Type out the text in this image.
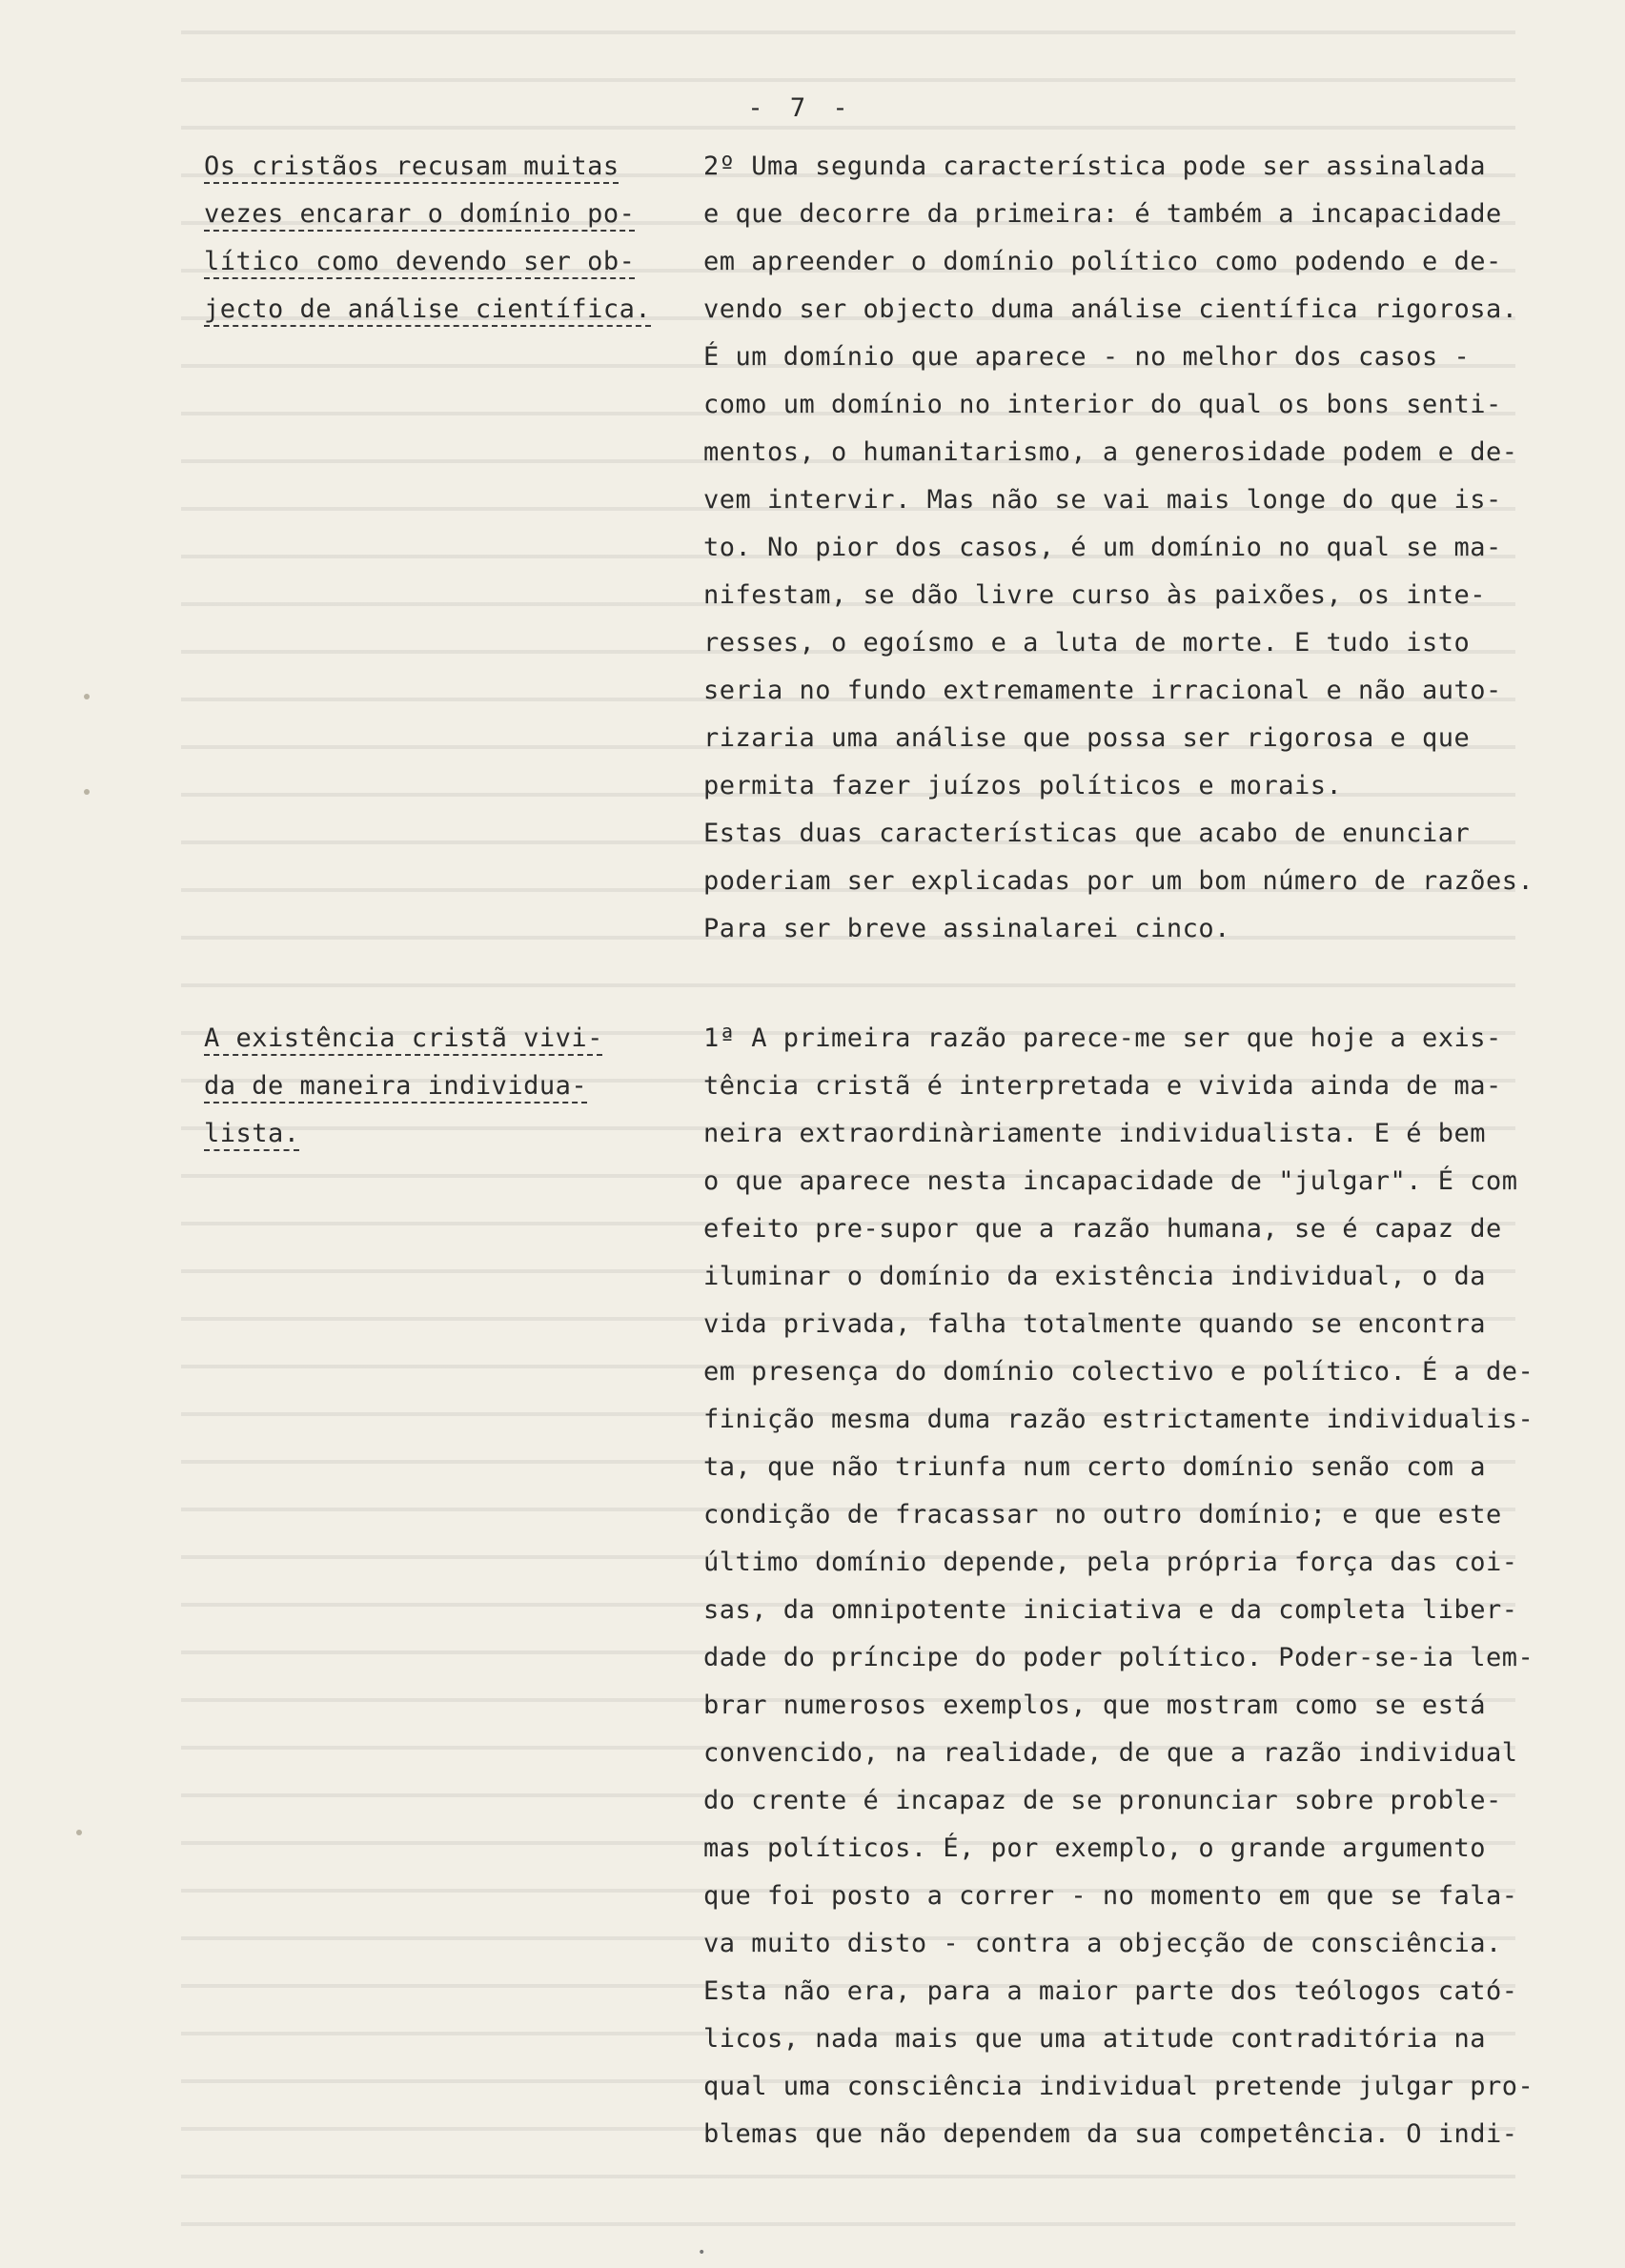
- 7 -
Os cristãos recusam muitas
vezes encarar o domínio po-
lítico como devendo ser ob-
jecto de análise científica.
A existência cristã vivi-
da de maneira individua-
lista.
2º Uma segunda característica pode ser assinalada
e que decorre da primeira: é também a incapacidade
em apreender o domínio político como podendo e de-
vendo ser objecto duma análise científica rigorosa.
É um domínio que aparece - no melhor dos casos -
como um domínio no interior do qual os bons senti-
mentos, o humanitarismo, a generosidade podem e de-
vem intervir. Mas não se vai mais longe do que is-
to. No pior dos casos, é um domínio no qual se ma-
nifestam, se dão livre curso às paixões, os inte-
resses, o egoísmo e a luta de morte. E tudo isto
seria no fundo extremamente irracional e não auto-
rizaria uma análise que possa ser rigorosa e que
permita fazer juízos políticos e morais.
Estas duas características que acabo de enunciar
poderiam ser explicadas por um bom número de razões.
Para ser breve assinalarei cinco.
1ª A primeira razão parece-me ser que hoje a exis-
tência cristã é interpretada e vivida ainda de ma-
neira extraordinàriamente individualista. E é bem
o que aparece nesta incapacidade de "julgar". É com
efeito pre-supor que a razão humana, se é capaz de
iluminar o domínio da existência individual, o da
vida privada, falha totalmente quando se encontra
em presença do domínio colectivo e político. É a de-
finição mesma duma razão estrictamente individualis-
ta, que não triunfa num certo domínio senão com a
condição de fracassar no outro domínio; e que este
último domínio depende, pela própria força das coi-
sas, da omnipotente iniciativa e da completa liber-
dade do príncipe do poder político. Poder-se-ia lem-
brar numerosos exemplos, que mostram como se está
convencido, na realidade, de que a razão individual
do crente é incapaz de se pronunciar sobre proble-
mas políticos. É, por exemplo, o grande argumento
que foi posto a correr - no momento em que se fala-
va muito disto - contra a objecção de consciência.
Esta não era, para a maior parte dos teólogos cató-
licos, nada mais que uma atitude contraditória na
qual uma consciência individual pretende julgar pro-
blemas que não dependem da sua competência. O indi-
•
